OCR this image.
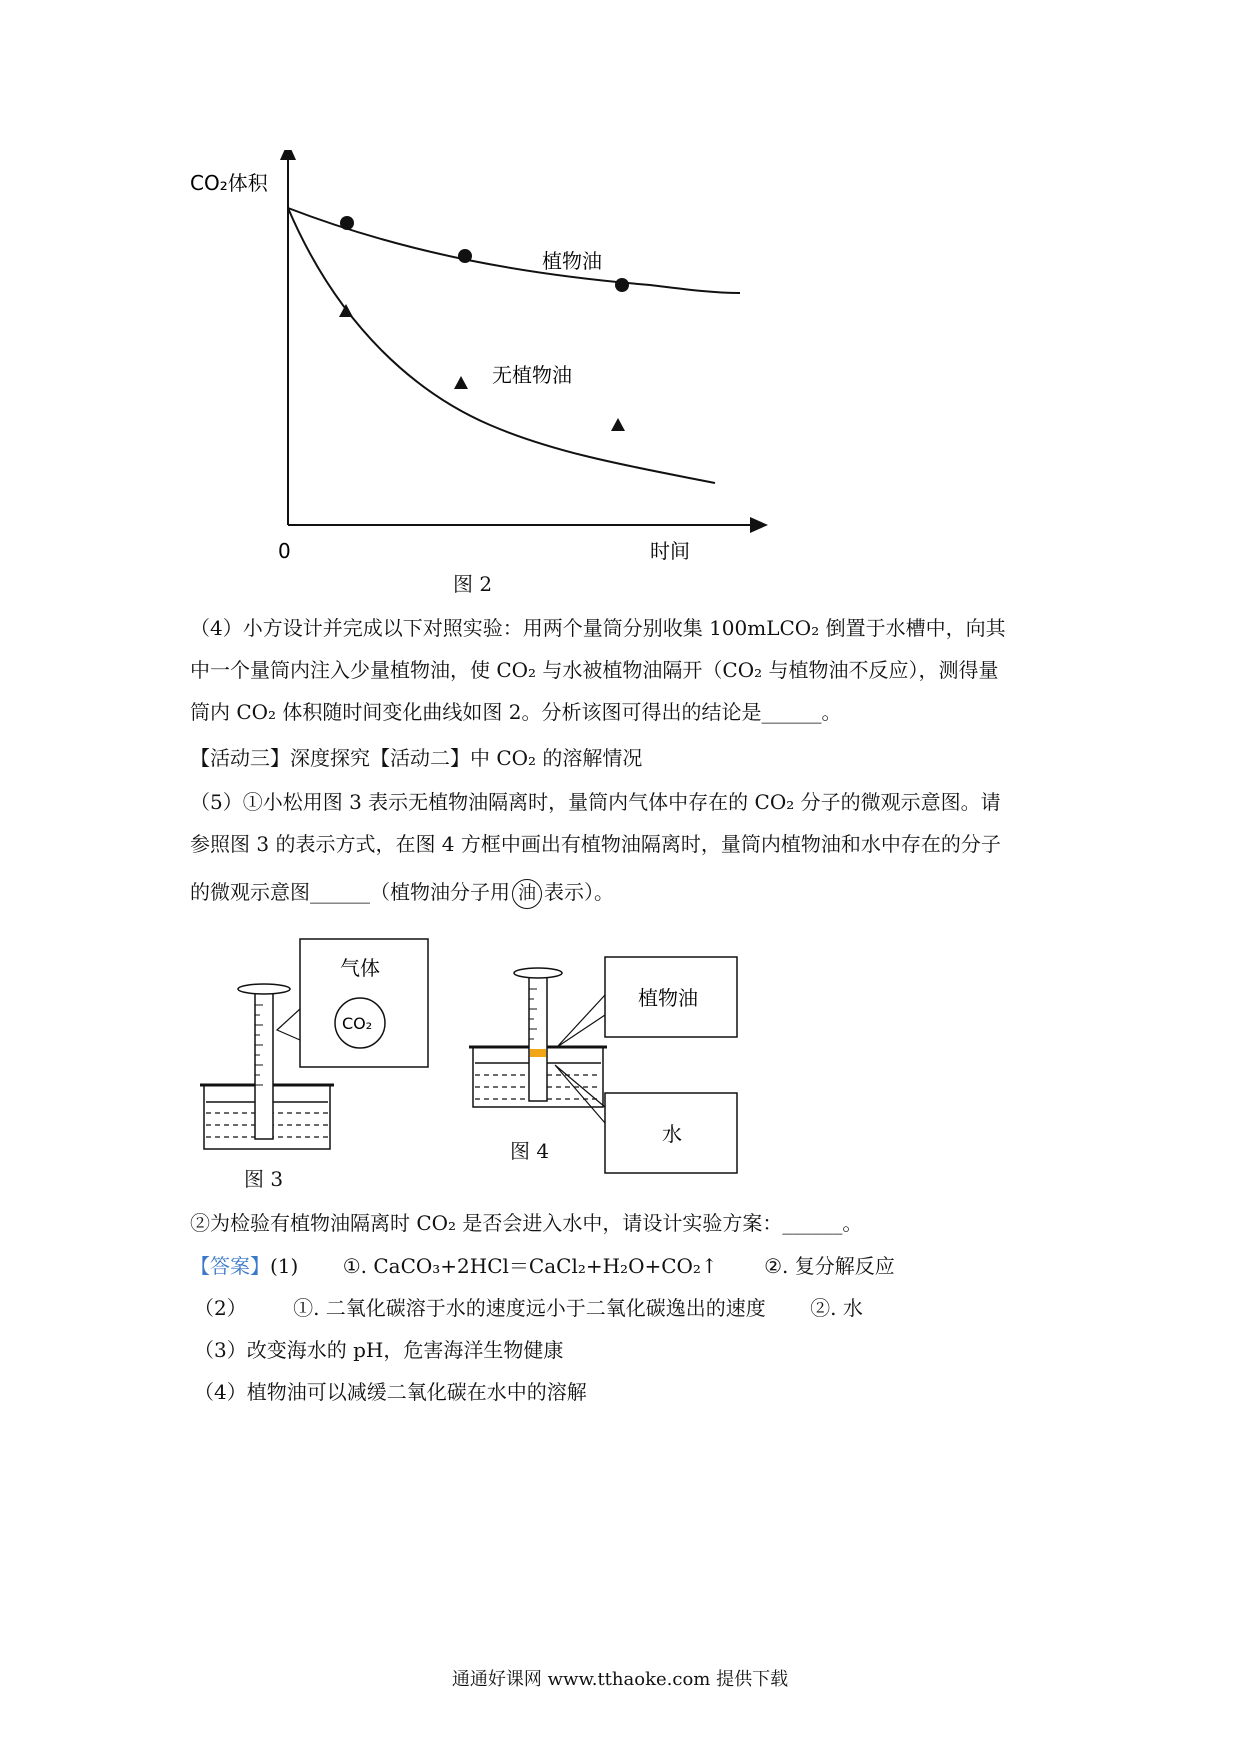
CO₂体积
时间
0
植物油
无植物油
图 2
（4）小方设计并完成以下对照实验：用两个量筒分别收集 100mLCO₂ 倒置于水槽中，向其
中一个量筒内注入少量植物油，使 CO₂ 与水被植物油隔开（CO₂ 与植物油不反应），测得量
筒内 CO₂ 体积随时间变化曲线如图 2。分析该图可得出的结论是______。
【活动三】深度探究【活动二】中 CO₂ 的溶解情况
（5）①小松用图 3 表示无植物油隔离时，量筒内气体中存在的 CO₂ 分子的微观示意图。请
参照图 3 的表示方式，在图 4 方框中画出有植物油隔离时，量筒内植物油和水中存在的分子
的微观示意图______（植物油分子用 油 表示）。
气体
CO₂
图 3
植物油
水
图 4
②为检验有植物油隔离时 CO₂ 是否会进入水中，请设计实验方案：______。
【答案】(1) ①. CaCO₃+2HCl＝CaCl₂+H₂O+CO₂↑ ②. 复分解反应
（2） ①. 二氧化碳溶于水的速度远小于二氧化碳逸出的速度 ②. 水
（3）改变海水的 pH，危害海洋生物健康
（4）植物油可以减缓二氧化碳在水中的溶解
通通好课网 www.tthaoke.com 提供下载
